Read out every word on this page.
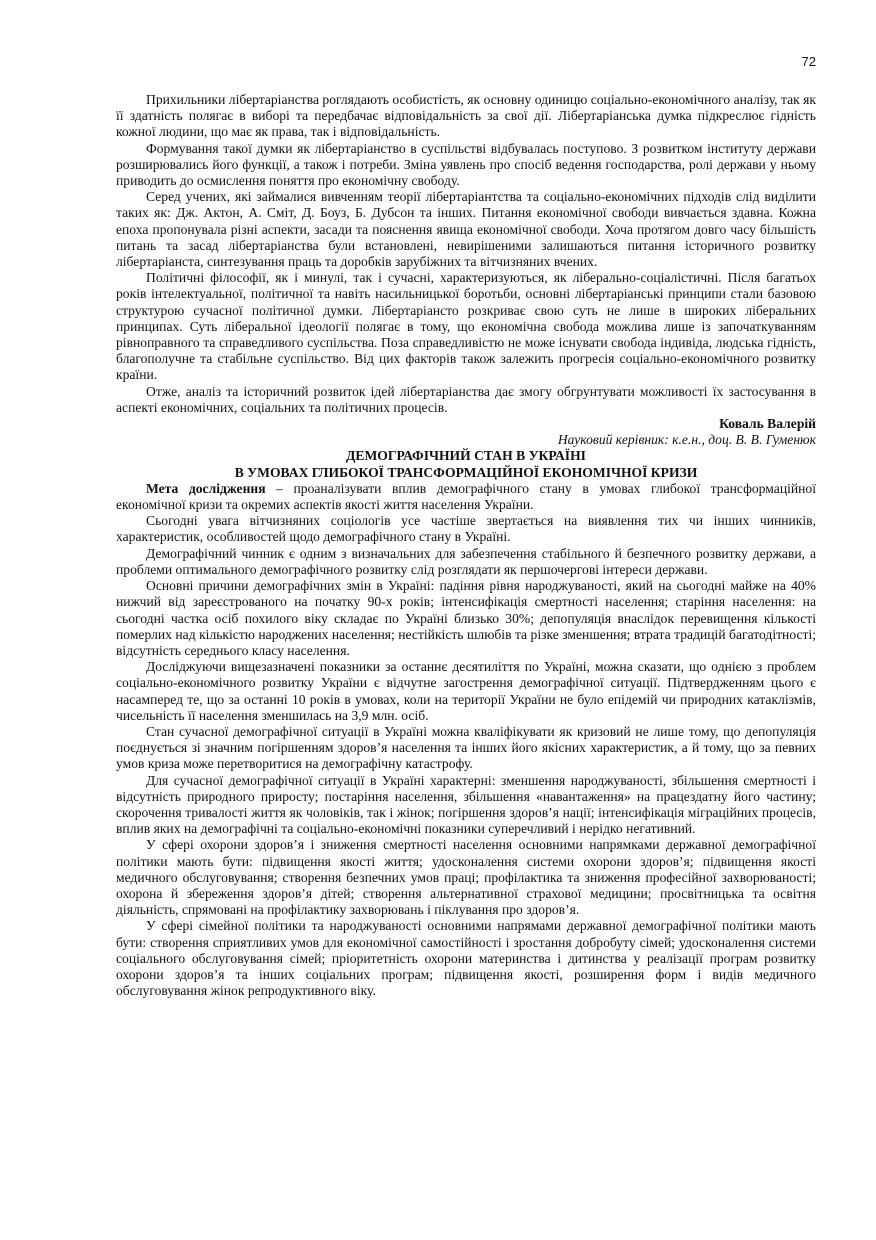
72

Прихильники лібертаріанства роглядають особистість, як основну одиницю соціально-економічного аналізу, так як її здатність полягає в виборі та передбачає відповідальність за свої дії. Лібертаріанська думка підкреслює гідність кожної людини, що має як права, так і відповідальність.

Формування такої думки як лібертаріанство в суспільстві відбувалась поступово. З розвитком інституту держави розширювались його функції, а також і потреби. Зміна уявлень про спосіб ведення господарства, ролі держави у ньому приводить до осмислення поняття про економічну свободу.

Серед учених, які займалися вивченням теорії лібертаріантства та соціально-економічних підходів слід виділити таких як: Дж. Актон, А. Сміт, Д. Боуз, Б. Дубсон та інших. Питання економічної свободи вивчається здавна. Кожна епоха пропонувала різні аспекти, засади та пояснення явища економічної свободи. Хоча протягом довго часу більшість питань та засад лібертаріанства були встановлені, невирішеними залишаються питання історичного розвитку лібертаріанста, синтезування праць та доробків зарубіжних та вітчизняних вчених.

Політичні філософії, як і минулі, так і сучасні, характеризуються, як ліберально-соціалістичні. Після багатьох років інтелектуальної, політичної та навіть насильницької боротьби, основні лібертаріанські принципи стали базовою структурою сучасної політичної думки. Лібертаріансто розкриває свою суть не лише в широких ліберальних принципах. Суть ліберальної ідеології полягає в тому, що економічна свобода можлива лише із започаткуванням рівноправного та справедливого суспільства. Поза справедливістю не може існувати свобода індивіда, людська гідність, благополучне та стабільне суспільство. Від цих факторів також залежить прогресія соціально-економічного розвитку країни.

Отже, аналіз та історичний розвиток ідей лібертаріанства дає змогу обгрунтувати можливості їх застосування в аспекті економічних, соціальних та політичних процесів.

Коваль Валерій

Науковий керівник: к.е.н., доц. В. В. Гуменюк

ДЕМОГРАФІЧНИЙ СТАН В УКРАЇНІ
В УМОВАХ ГЛИБОКОЇ ТРАНСФОРМАЦІЙНОЇ ЕКОНОМІЧНОЇ КРИЗИ

Мета дослідження – проаналізувати вплив демографічного стану в умовах глибокої трансформаційної економічної кризи та окремих аспектів якості життя населення України.

Сьогодні увага вітчизняних соціологів усе частіше звертається на виявлення тих чи інших чинників, характеристик, особливостей щодо демографічного стану в Україні.

Демографічний чинник є одним з визначальних для забезпечення стабільного й безпечного розвитку держави, а проблеми оптимального демографічного розвитку слід розглядати як першочергові інтереси держави.

Основні причини демографічних змін в Україні: падіння рівня народжуваності, який на сьогодні майже на 40% нижчий від зареєстрованого на початку 90-х років; інтенсифікація смертності населення; старіння населення: на сьогодні частка осіб похилого віку складає по Україні близько 30%; депопуляція внаслідок перевищення кількості померлих над кількістю народжених населення; нестійкість шлюбів та різке зменшення; втрата традицій багатодітності; відсутність середнього класу населення.

Досліджуючи вищезазначені показники за останнє десятиліття по Україні, можна сказати, що однією з проблем соціально-економічного розвитку України є відчутне загострення демографічної ситуації. Підтвердженням цього є насамперед те, що за останні 10 років в умовах, коли на території України не було епідемій чи природних катаклізмів, чисельність її населення зменшилась на 3,9 млн. осіб.

Стан сучасної демографічної ситуації в Україні можна кваліфікувати як кризовий не лише тому, що депопуляція поєднується зі значним погіршенням здоров’я населення та інших його якісних характеристик, а й тому, що за певних умов криза може перетворитися на демографічну катастрофу.

Для сучасної демографічної ситуації в Україні характерні: зменшення народжуваності, збільшення смертності і відсутність природного приросту; постаріння населення, збільшення «навантаження» на працездатну його частину; скорочення тривалості життя як чоловіків, так і жінок; погіршення здоров’я нації; інтенсифікація міграційних процесів, вплив яких на демографічні та соціально-економічні показники суперечливий і нерідко негативний.

У сфері охорони здоров’я і зниження смертності населення основними напрямками державної демографічної політики мають бути: підвищення якості життя; удосконалення системи охорони здоров’я; підвищення якості медичного обслуговування; створення безпечних умов праці; профілактика та зниження професійної захворюваності; охорона й збереження здоров’я дітей; створення альтернативної страхової медицини; просвітницька та освітня діяльність, спрямовані на профілактику захворювань і піклування про здоров’я.

У сфері сімейної політики та народжуваності основними напрямами державної демографічної політики мають бути: створення сприятливих умов для економічної самостійності і зростання добробуту сімей; удосконалення системи соціального обслуговування сімей; пріоритетність охорони материнства і дитинства у реалізації програм розвитку охорони здоров’я та інших соціальних програм; підвищення якості, розширення форм і видів медичного обслуговування жінок репродуктивного віку.
